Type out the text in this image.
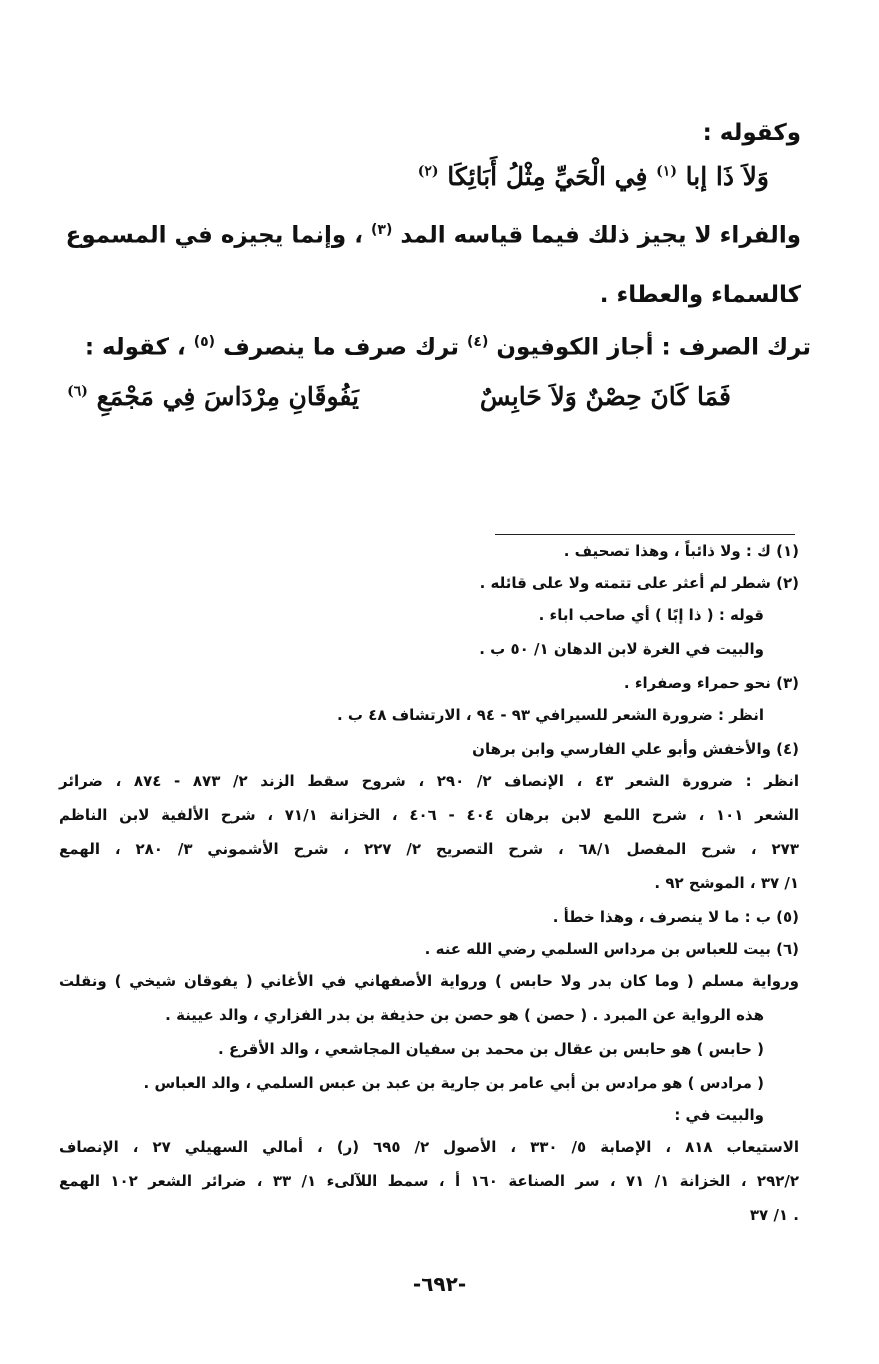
وكقوله :
وَلاَ ذَا إبا $^{(١)}$ فِي الْحَيِّ مِثْلُ أَبَائِكَا $^{(٢)}$
والفراء لا يجيز ذلك فيما قياسه المد $^{(٣)}$ ، وإنما يجيزه في المسموع
كالسماء والعطاء .
ترك الصرف : أجاز الكوفيون $^{(٤)}$ ترك صرف ما ينصرف $^{(٥)}$ ، كقوله :
فَمَا كَانَ حِصْنٌ وَلاَ حَابِسٌ
يَفُوقَانِ مِرْدَاسَ فِي مَجْمَعِ $^{(٦)}$
(١) ك : ولا ذائباً ، وهذا تصحيف .
(٢) شطر لم أعثر على تتمته ولا على قائله .
قوله : ( ذا إبًا ) أي صاحب اباء .
والبيت في الغرة لابن الدهان ١/ ٥٠ ب .
(٣) نحو حمراء وصفراء .
انظر : ضرورة الشعر للسيرافي ٩٣ - ٩٤ ، الارتشاف ٤٨ ب .
(٤) والأخفش وأبو علي الفارسي وابن برهان
انظر : ضرورة الشعر ٤٣ ، الإنصاف ٢/ ٢٩٠ ، شروح سقط الزند ٢/ ٨٧٣ - ٨٧٤ ، ضرائر
الشعر ١٠١ ، شرح اللمع لابن برهان ٤٠٤ - ٤٠٦ ، الخزانة ٧١/١ ، شرح الألفية لابن الناظم
٢٧٣ ، شرح المفصل ٦٨/١ ، شرح التصريح ٢/ ٢٢٧ ، شرح الأشموني ٣/ ٢٨٠ ، الهمع
١/ ٣٧ ، الموشح ٩٢ .
(٥) ب : ما لا ينصرف ، وهذا خطأ .
(٦) بيت للعباس بن مرداس السلمي رضي الله عنه .
ورواية مسلم ( وما كان بدر ولا حابس ) ورواية الأصفهاني في الأغاني ( يفوقان شيخي ) ونقلت
هذه الرواية عن المبرد . ( حصن ) هو حصن بن حذيفة بن بدر الفزاري ، والد عيينة .
( حابس ) هو حابس بن عقال بن محمد بن سفيان المجاشعي ، والد الأقرع .
( مرادس ) هو مرادس بن أبي عامر بن جارية بن عبد بن عبس السلمي ، والد العباس .
والبيت في :
الاستيعاب ٨١٨ ، الإصابة ٥/ ٣٣٠ ، الأصول ٢/ ٦٩٥ (ر) ، أمالي السهيلي ٢٧ ، الإنصاف
٢٩٢/٢ ، الخزانة ١/ ٧١ ، سر الصناعة ١٦٠ أ ، سمط اللآلىء ١/ ٣٣ ، ضرائر الشعر ١٠٢ الهمع
١/ ٣٧ .
-٦٩٢-
